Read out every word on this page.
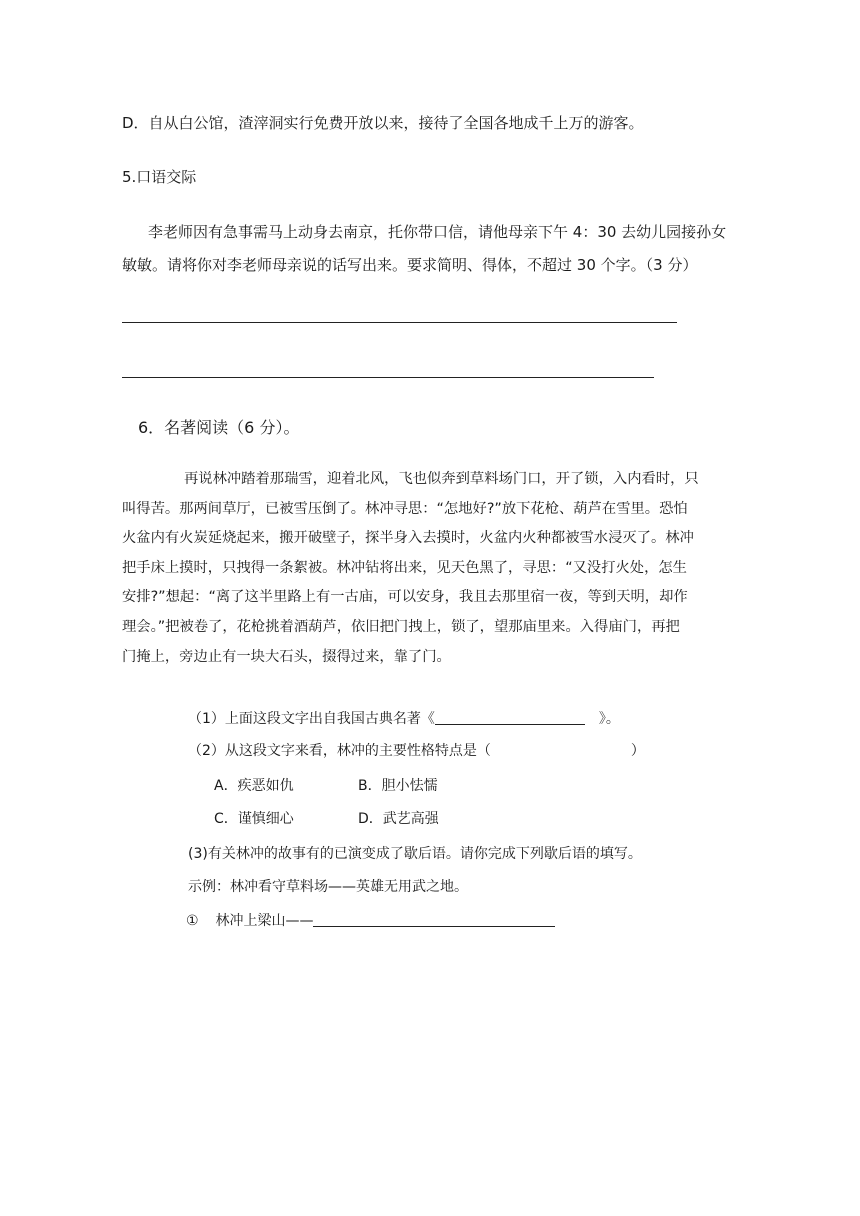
D．自从白公馆，渣滓洞实行免费开放以来，接待了全国各地成千上万的游客。
5.口语交际
李老师因有急事需马上动身去南京，托你带口信，请他母亲下午 4：30 去幼儿园接孙女
敏敏。请将你对李老师母亲说的话写出来。要求简明、得体，不超过 30 个字。（3 分）
6．名著阅读（6 分）。
再说林冲踏着那瑞雪，迎着北风，飞也似奔到草料场门口，开了锁，入内看时，只
叫得苦。那两间草厅，已被雪压倒了。林冲寻思：“怎地好?”放下花枪、葫芦在雪里。恐怕
火盆内有火炭延烧起来，搬开破壁子，探半身入去摸时，火盆内火种都被雪水浸灭了。林冲
把手床上摸时，只拽得一条絮被。林冲钻将出来，见天色黑了，寻思：“又没打火处，怎生
安排?”想起：“离了这半里路上有一古庙，可以安身，我且去那里宿一夜，等到天明，却作
理会。”把被卷了，花枪挑着酒葫芦，依旧把门拽上，锁了，望那庙里来。入得庙门，再把
门掩上，旁边止有一块大石头，掇得过来，靠了门。
（1）上面这段文字出自我国古典名著《	》。
（2）从这段文字来看，林冲的主要性格特点是（	）
A．疾恶如仇	B．胆小怯懦
C．谨慎细心	D．武艺高强
(3)有关林冲的故事有的已演变成了歇后语。请你完成下列歇后语的填写。
示例：林冲看守草料场——英雄无用武之地。
① 林冲上梁山——
